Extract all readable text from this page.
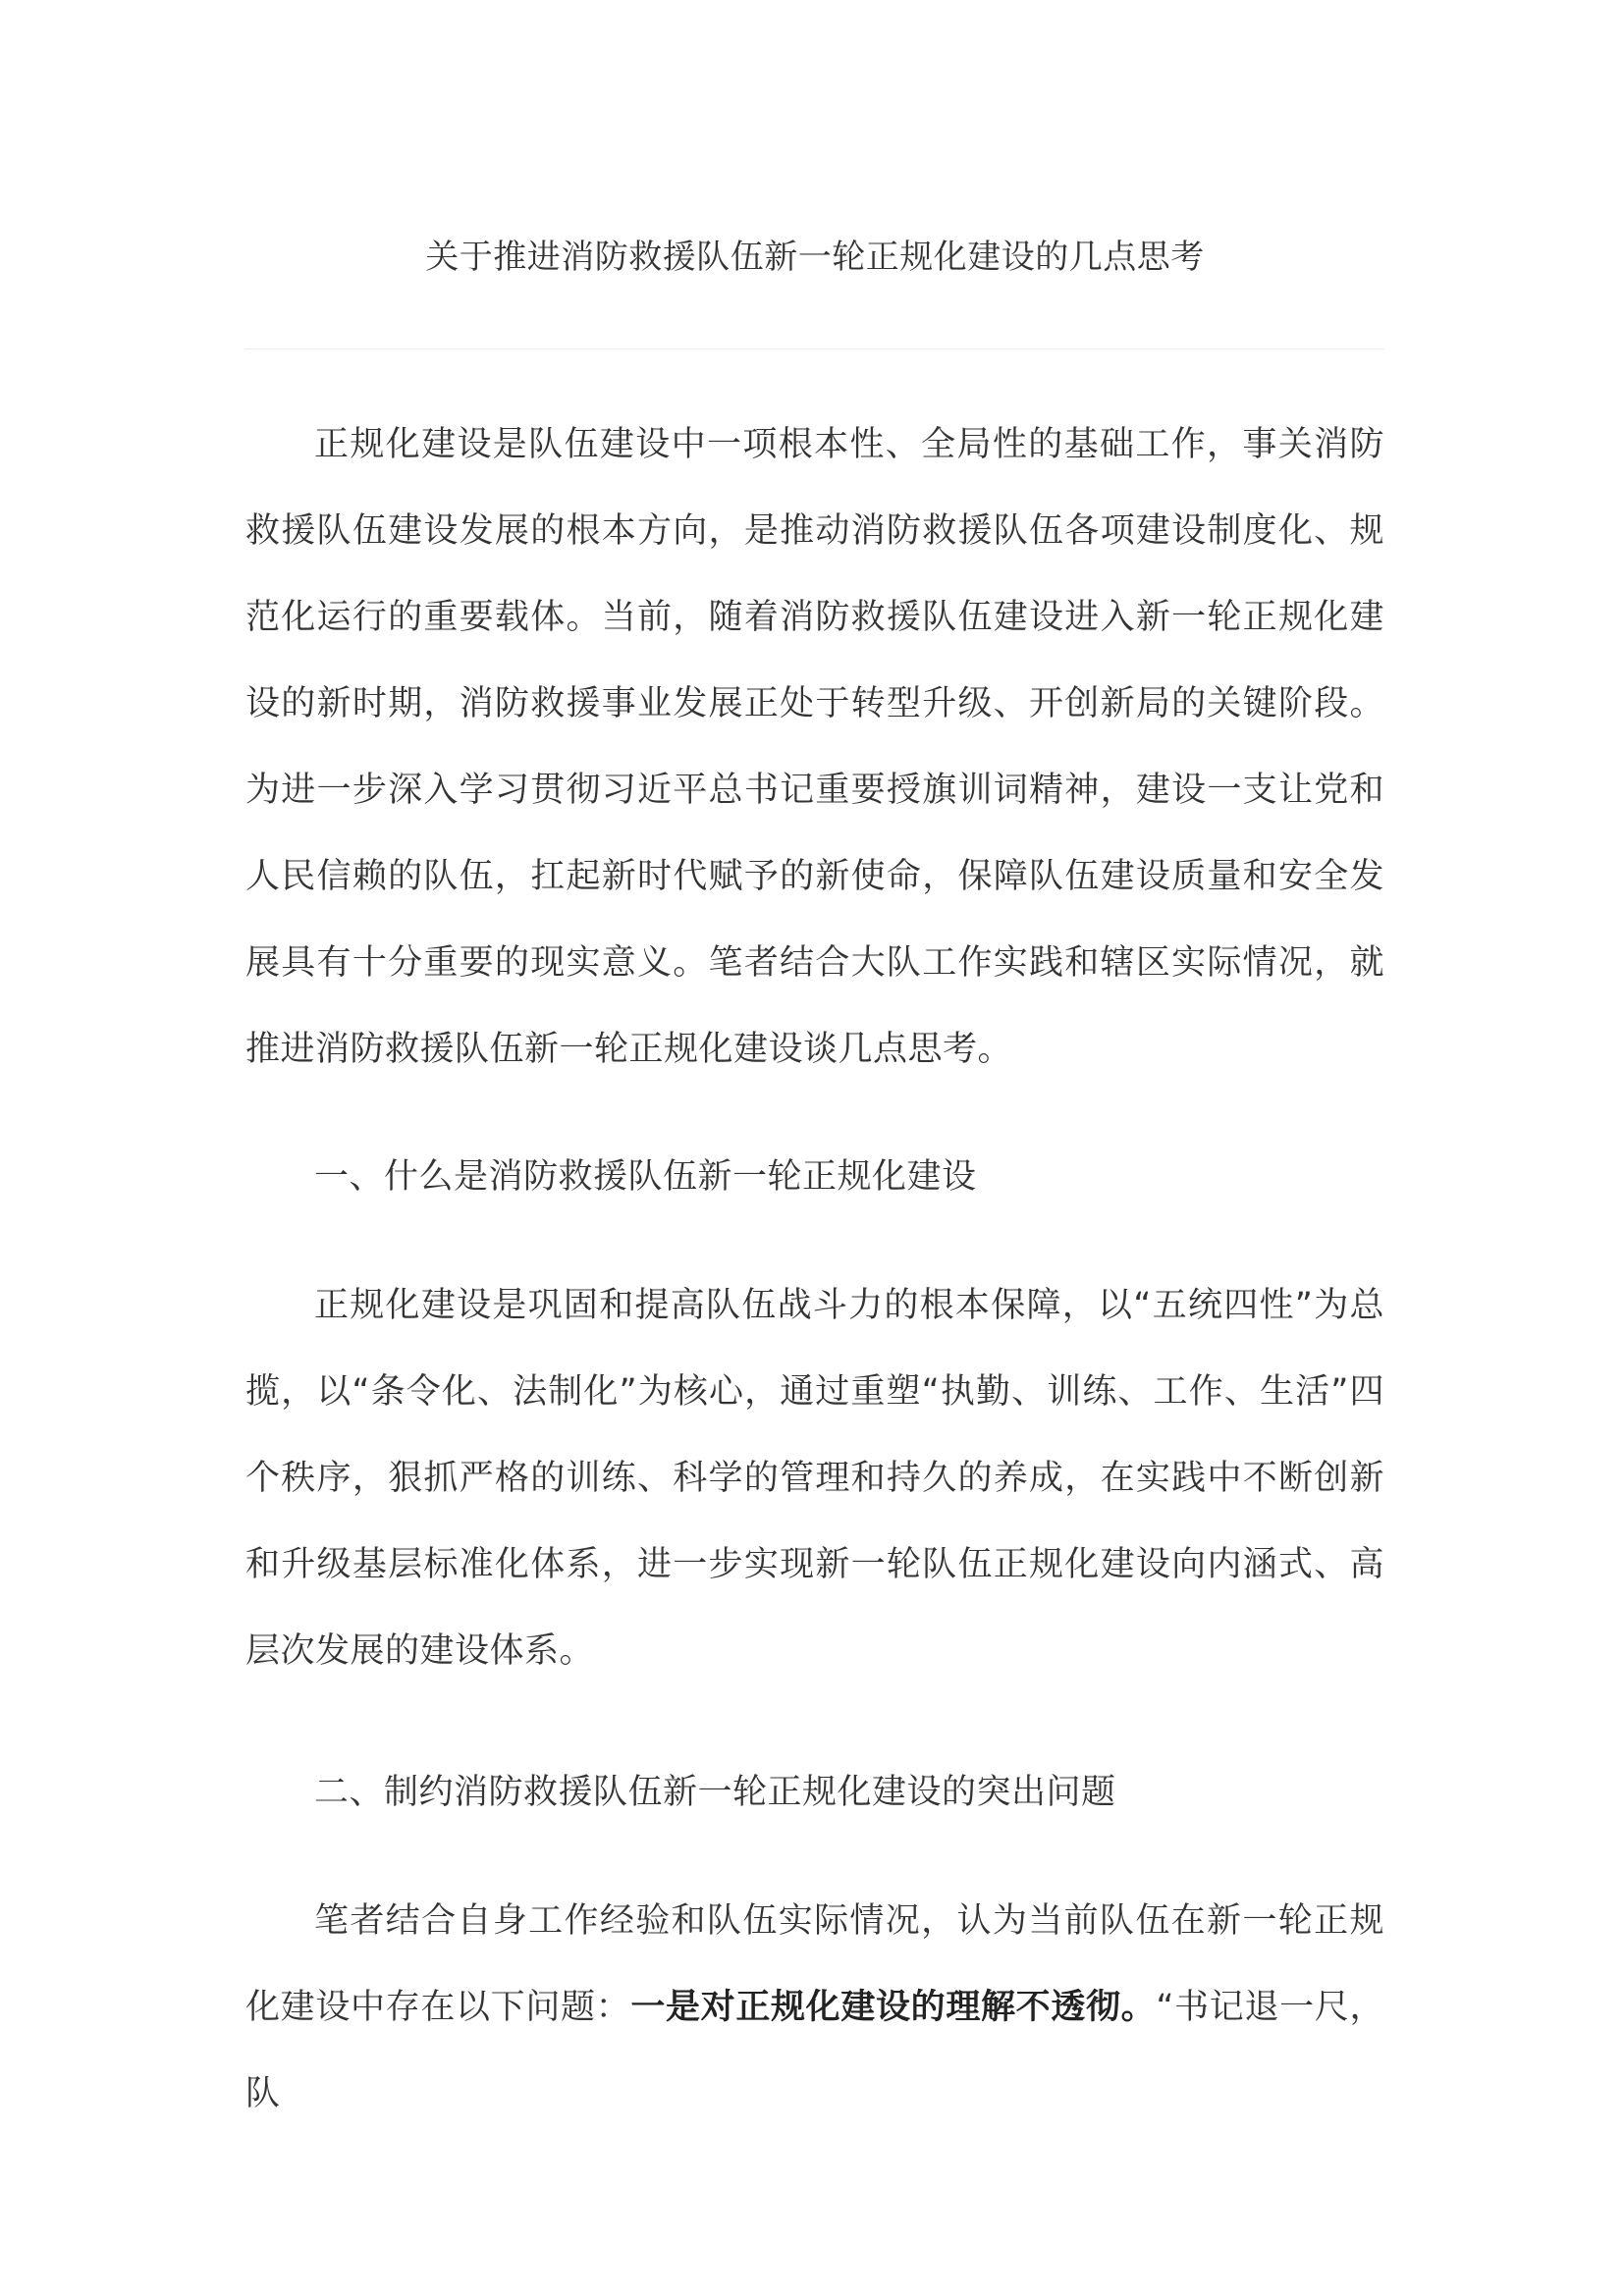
关于推进消防救援队伍新一轮正规化建设的几点思考

正规化建设是队伍建设中一项根本性、全局性的基础工作，事关消防救援队伍建设发展的根本方向，是推动消防救援队伍各项建设制度化、规范化运行的重要载体。当前，随着消防救援队伍建设进入新一轮正规化建设的新时期，消防救援事业发展正处于转型升级、开创新局的关键阶段。为进一步深入学习贯彻习近平总书记重要授旗训词精神，建设一支让党和人民信赖的队伍，扛起新时代赋予的新使命，保障队伍建设质量和安全发展具有十分重要的现实意义。笔者结合大队工作实践和辖区实际情况，就推进消防救援队伍新一轮正规化建设谈几点思考。

一、什么是消防救援队伍新一轮正规化建设

正规化建设是巩固和提高队伍战斗力的根本保障，以“五统四性”为总揽，以“条令化、法制化”为核心，通过重塑“执勤、训练、工作、生活”四个秩序，狠抓严格的训练、科学的管理和持久的养成，在实践中不断创新和升级基层标准化体系，进一步实现新一轮队伍正规化建设向内涵式、高层次发展的建设体系。

二、制约消防救援队伍新一轮正规化建设的突出问题

笔者结合自身工作经验和队伍实际情况，认为当前队伍在新一轮正规化建设中存在以下问题：一是对正规化建设的理解不透彻。“书记退一尺，队
